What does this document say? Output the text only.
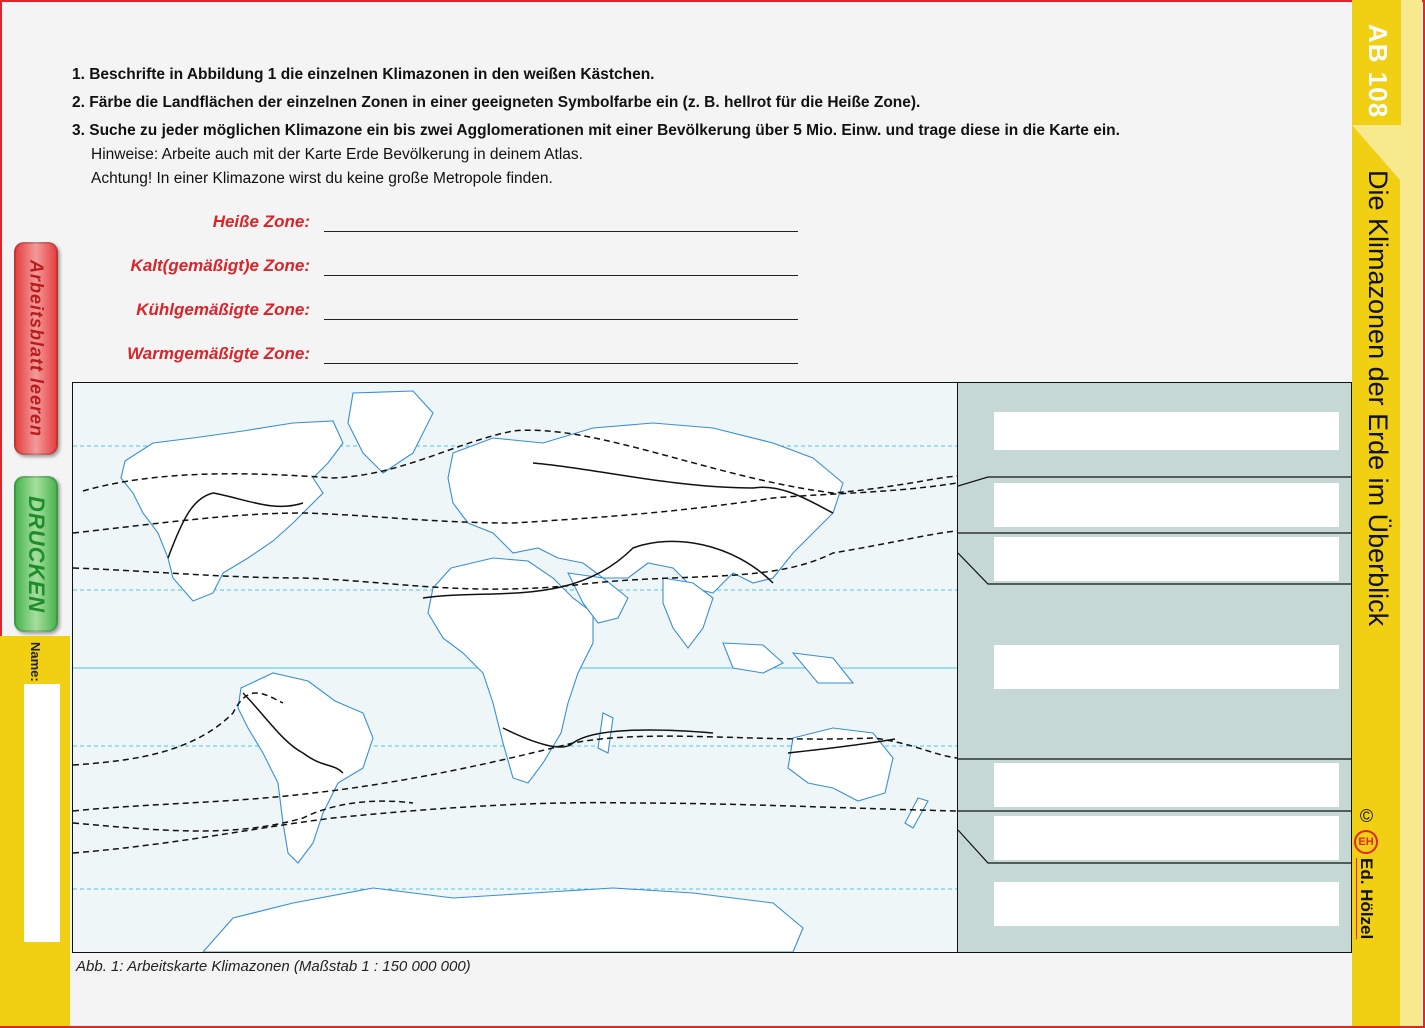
Arbeitsblatt leeren
DRUCKEN
Name:
AB 108
Die Klimazonen der Erde im Überblick
©
EH
Ed. Hölzel
1. Beschrifte in Abbildung 1 die einzelnen Klimazonen in den weißen Kästchen.
2. Färbe die Landflächen der einzelnen Zonen in einer geeigneten Symbolfarbe ein (z. B. hellrot für die Heiße Zone).
3. Suche zu jeder möglichen Klimazone ein bis zwei Agglomerationen mit einer Bevölkerung über 5 Mio. Einw. und trage diese in die Karte ein.
Hinweise: Arbeite auch mit der Karte Erde Bevölkerung in deinem Atlas.
Achtung! In einer Klimazone wirst du keine große Metropole finden.
Heiße Zone:
Kalt(gemäßigt)e Zone:
Kühlgemäßigte Zone:
Warmgemäßigte Zone:
Abb. 1: Arbeitskarte Klimazonen (Maßstab 1 : 150 000 000)
